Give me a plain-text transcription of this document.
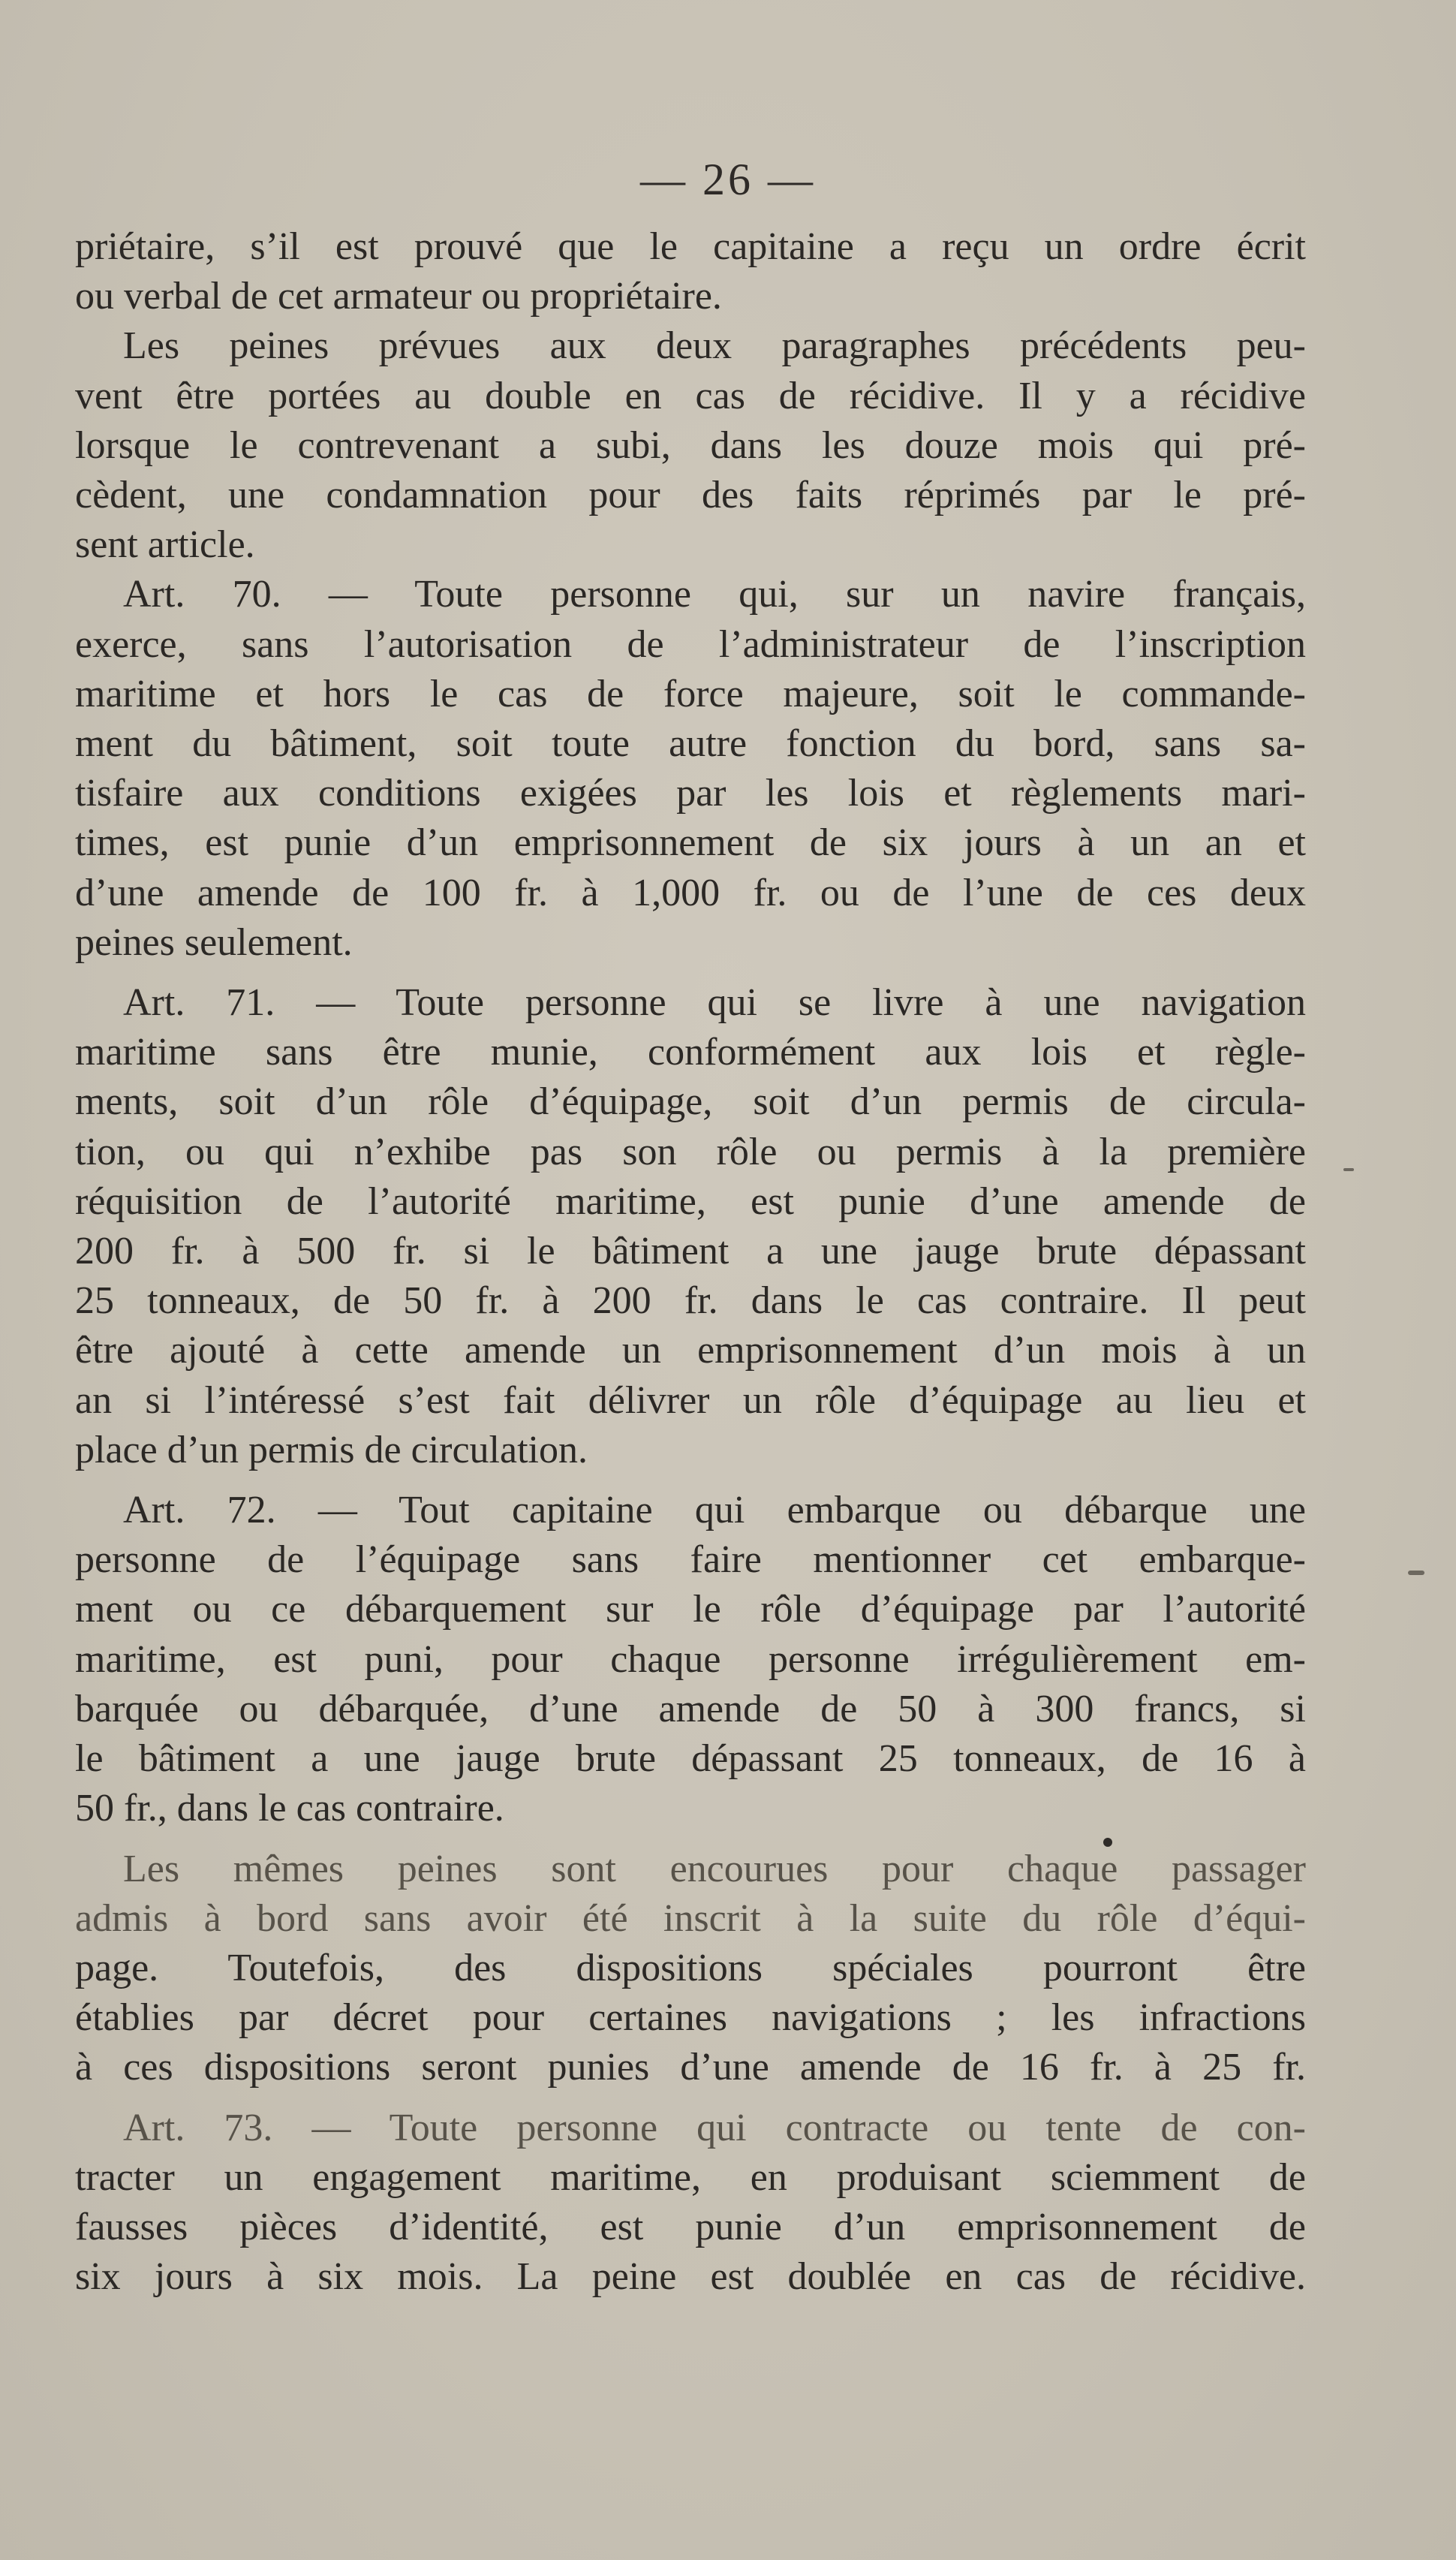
— 26 —
priétaire, s’il est prouvé que le capitaine a reçu un ordre écrit
ou verbal de cet armateur ou propriétaire.
Les peines prévues aux deux paragraphes précédents peu-
vent être portées au double en cas de récidive. Il y a récidive
lorsque le contrevenant a subi, dans les douze mois qui pré-
cèdent, une condamnation pour des faits réprimés par le pré-
sent article.
Art. 70. — Toute personne qui, sur un navire français,
exerce, sans l’autorisation de l’administrateur de l’inscription
maritime et hors le cas de force majeure, soit le commande-
ment du bâtiment, soit toute autre fonction du bord, sans sa-
tisfaire aux conditions exigées par les lois et règlements mari-
times, est punie d’un emprisonnement de six jours à un an et
d’une amende de 100 fr. à 1,000 fr. ou de l’une de ces deux
peines seulement.
Art. 71. — Toute personne qui se livre à une navigation
maritime sans être munie, conformément aux lois et règle-
ments, soit d’un rôle d’équipage, soit d’un permis de circula-
tion, ou qui n’exhibe pas son rôle ou permis à la première
réquisition de l’autorité maritime, est punie d’une amende de
200 fr. à 500 fr. si le bâtiment a une jauge brute dépassant
25 tonneaux, de 50 fr. à 200 fr. dans le cas contraire. Il peut
être ajouté à cette amende un emprisonnement d’un mois à un
an si l’intéressé s’est fait délivrer un rôle d’équipage au lieu et
place d’un permis de circulation.
Art. 72. — Tout capitaine qui embarque ou débarque une
personne de l’équipage sans faire mentionner cet embarque-
ment ou ce débarquement sur le rôle d’équipage par l’autorité
maritime, est puni, pour chaque personne irrégulièrement em-
barquée ou débarquée, d’une amende de 50 à 300 francs, si
le bâtiment a une jauge brute dépassant 25 tonneaux, de 16 à
50 fr., dans le cas contraire.
Les mêmes peines sont encourues pour chaque passager
admis à bord sans avoir été inscrit à la suite du rôle d’équi-
page. Toutefois, des dispositions spéciales pourront être
établies par décret pour certaines navigations ; les infractions
à ces dispositions seront punies d’une amende de 16 fr. à 25 fr.
Art. 73. — Toute personne qui contracte ou tente de con-
tracter un engagement maritime, en produisant sciemment de
fausses pièces d’identité, est punie d’un emprisonnement de
six jours à six mois. La peine est doublée en cas de récidive.
